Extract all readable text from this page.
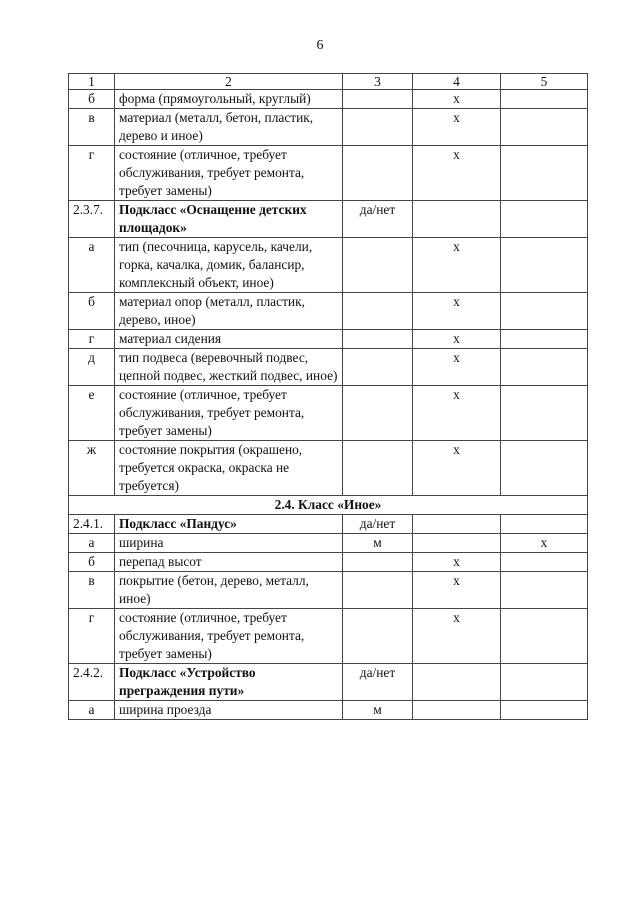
6
1	2	3	4	5
б	форма (прямоугольный, круглый)		х	
в	материал (металл, бетон, пластик, дерево и иное)		х	
г	состояние (отличное, требует обслуживания, требует ремонта, требует замены)		х	
2.3.7.	Подкласс «Оснащение детских площадок»	да/нет		
а	тип (песочница, карусель, качели, горка, качалка, домик, балансир, комплексный объект, иное)		х	
б	материал опор (металл, пластик, дерево, иное)		х	
г	материал сидения		х	
д	тип подвеса (веревочный подвес, цепной подвес, жесткий подвес, иное)		х	
е	состояние (отличное, требует обслуживания, требует ремонта, требует замены)		х	
ж	состояние покрытия (окрашено, требуется окраска, окраска не требуется)		х	
2.4. Класс «Иное»				
2.4.1.	Подкласс «Пандус»	да/нет		
а	ширина	м		х
б	перепад высот		х	
в	покрытие (бетон, дерево, металл, иное)		х	
г	состояние (отличное, требует обслуживания, требует ремонта, требует замены)		х	
2.4.2.	Подкласс «Устройство преграждения пути»	да/нет		
а	ширина проезда	м		
